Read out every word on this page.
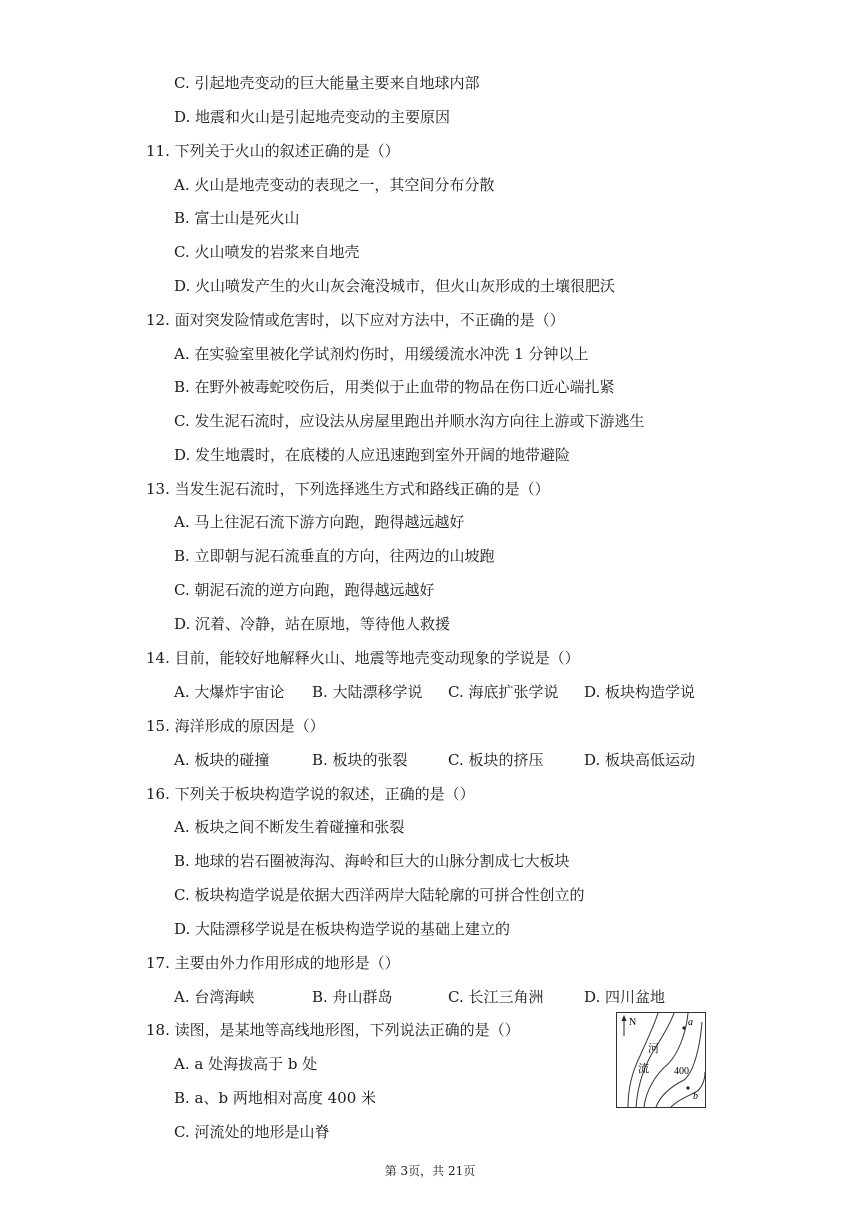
C. 引起地壳变动的巨大能量主要来自地球内部
D. 地震和火山是引起地壳变动的主要原因
11. 下列关于火山的叙述正确的是（）
A. 火山是地壳变动的表现之一，其空间分布分散
B. 富士山是死火山
C. 火山喷发的岩浆来自地壳
D. 火山喷发产生的火山灰会淹没城市，但火山灰形成的土壤很肥沃
12. 面对突发险情或危害时，以下应对方法中，不正确的是（）
A. 在实验室里被化学试剂灼伤时，用缓缓流水冲洗 1 分钟以上
B. 在野外被毒蛇咬伤后，用类似于止血带的物品在伤口近心端扎紧
C. 发生泥石流时，应设法从房屋里跑出并顺水沟方向往上游或下游逃生
D. 发生地震时，在底楼的人应迅速跑到室外开阔的地带避险
13. 当发生泥石流时，下列选择逃生方式和路线正确的是（）
A. 马上往泥石流下游方向跑，跑得越远越好
B. 立即朝与泥石流垂直的方向，往两边的山坡跑
C. 朝泥石流的逆方向跑，跑得越远越好
D. 沉着、冷静，站在原地，等待他人救援
14. 目前，能较好地解释火山、地震等地壳变动现象的学说是（）
15. 海洋形成的原因是（）
16. 下列关于板块构造学说的叙述，正确的是（）
A. 板块之间不断发生着碰撞和张裂
B. 地球的岩石圈被海沟、海岭和巨大的山脉分割成七大板块
C. 板块构造学说是依据大西洋两岸大陆轮廓的可拼合性创立的
D. 大陆漂移学说是在板块构造学说的基础上建立的
17. 主要由外力作用形成的地形是（）
18. 读图，是某地等高线地形图，下列说法正确的是（）
A. a 处海拔高于 b 处
B. a、b 两地相对高度 400 米
C. 河流处的地形是山脊
A. 大爆炸宇宙论 B. 大陆漂移学说 C. 海底扩张学说 D. 板块构造学说
A. 板块的碰撞	B. 板块的张裂	C. 板块的挤压	D. 板块高低运动
A. 台湾海峡	B. 舟山群岛	C. 长江三角洲	D. 四川盆地
N
河
流	400
a
b
第 3页，共 21页
